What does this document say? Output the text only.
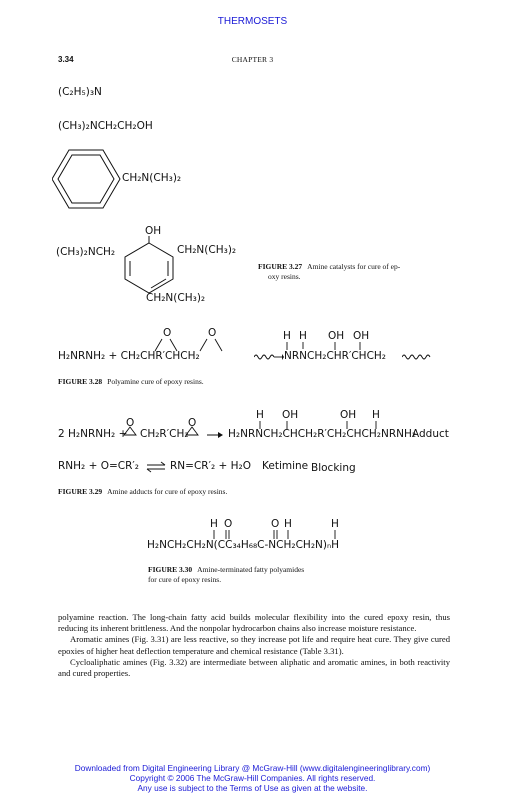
THERMOSETS
3.34	CHAPTER 3
(C₂H₅)₃N
(CH₃)₂NCH₂CH₂OH
CH₂N(CH₃)₂
OH
(CH₃)₂NCH₂	CH₂N(CH₃)₂
CH₂N(CH₃)₂
FIGURE 3.27 Amine catalysts for cure of ep-
oxy resins.
O	O	H H OH OH
H₂NRNH₂ + CH₂CHR′CHCH₂	NRNCH₂CHR′CHCH₂
FIGURE 3.28 Polyamine cure of epoxy resins.
O	O
H OH	OH H
2 H₂NRNH₂ + CH₂R′CH₂ → H₂NRNCH₂CHCH₂R′CH₂CHCH₂NRNH₂
Adduct
RNH₂ + O=CR′₂ ⇌ RN=CR′₂ + H₂O Ketimine Blocking
FIGURE 3.29 Amine adducts for cure of epoxy resins.
H O	O H	H
H₂NCH₂CH₂N(CC₃₄H₆₈C-NCH₂CH₂N)ₙH
FIGURE 3.30 Amine-terminated fatty polyamides
for cure of epoxy resins.

polyamine reaction. The long-chain fatty acid builds molecular flexibility into the cured epoxy resin, thus reducing its inherent brittleness. And the nonpolar hydrocarbon chains also increase moisture resistance.

Aromatic amines (Fig. 3.31) are less reactive, so they increase pot life and require heat cure. They give cured epoxies of higher heat deflection temperature and chemical resistance (Table 3.31).

Cycloaliphatic amines (Fig. 3.32) are intermediate between aliphatic and aromatic amines, in both reactivity and cured properties.

Downloaded from Digital Engineering Library @ McGraw-Hill (www.digitalengineeringlibrary.com)
Copyright © 2006 The McGraw-Hill Companies. All rights reserved.
Any use is subject to the Terms of Use as given at the website.
